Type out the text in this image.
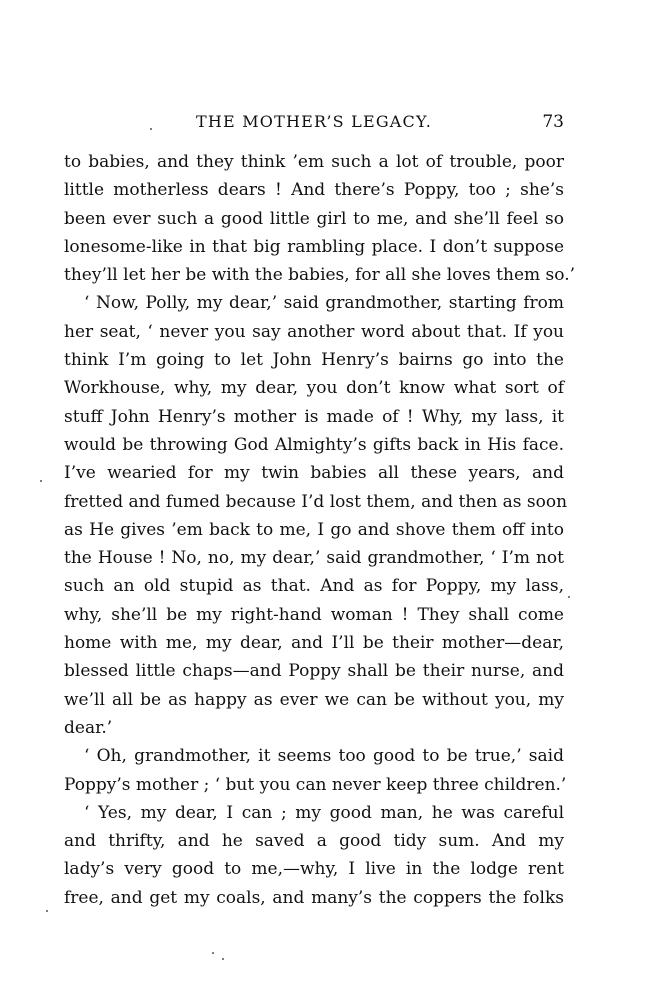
THE MOTHER’S LEGACY.	73
to babies, and they think ’em such a lot of trouble, poor
little motherless dears ! And there’s Poppy, too ; she’s
been ever such a good little girl to me, and she’ll feel so
lonesome-like in that big rambling place. I don’t suppose
they’ll let her be with the babies, for all she loves them so.’
‘ Now, Polly, my dear,’ said grandmother, starting from
her seat, ‘ never you say another word about that. If you
think I’m going to let John Henry’s bairns go into the
Workhouse, why, my dear, you don’t know what sort of
stuff John Henry’s mother is made of ! Why, my lass, it
would be throwing God Almighty’s gifts back in His face.
I’ve wearied for my twin babies all these years, and
fretted and fumed because I’d lost them, and then as soon
as He gives ’em back to me, I go and shove them off into
the House ! No, no, my dear,’ said grandmother, ‘ I’m not
such an old stupid as that. And as for Poppy, my lass,
why, she’ll be my right-hand woman ! They shall come
home with me, my dear, and I’ll be their mother—dear,
blessed little chaps—and Poppy shall be their nurse, and
we’ll all be as happy as ever we can be without you, my
dear.’
‘ Oh, grandmother, it seems too good to be true,’ said
Poppy’s mother ; ‘ but you can never keep three children.’
‘ Yes, my dear, I can ; my good man, he was careful
and thrifty, and he saved a good tidy sum. And my
lady’s very good to me,—why, I live in the lodge rent
free, and get my coals, and many’s the coppers the folks
